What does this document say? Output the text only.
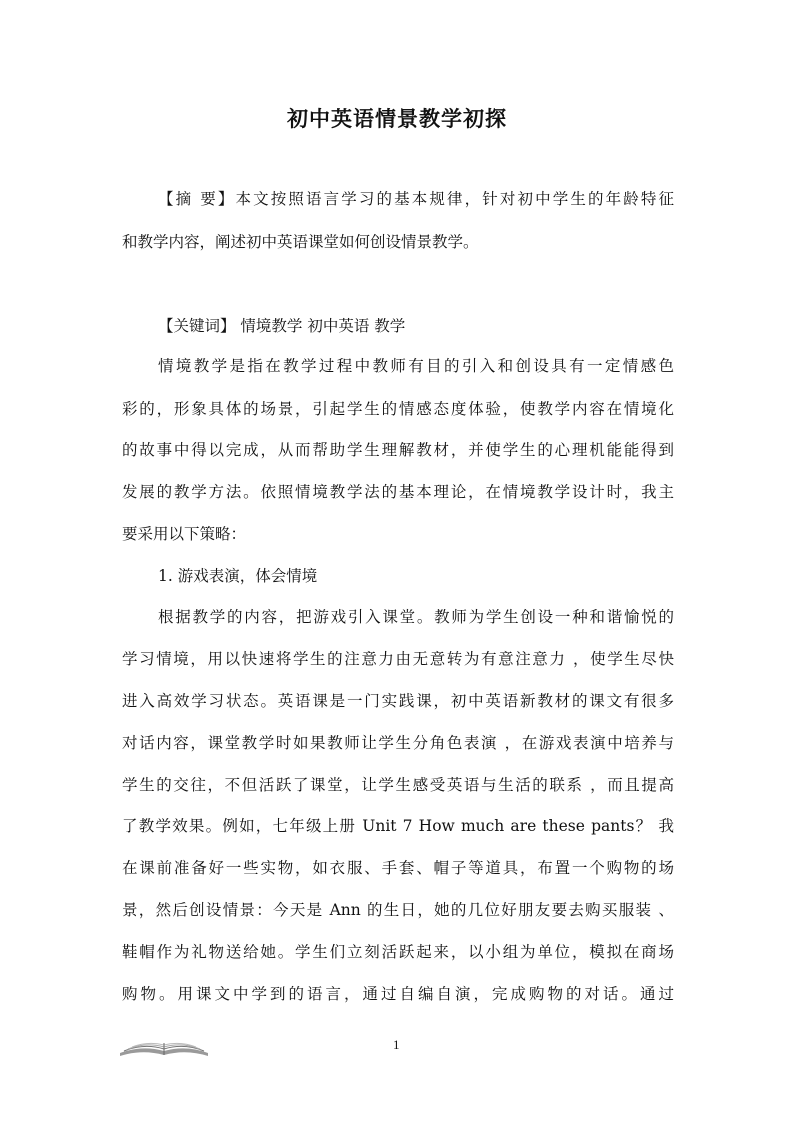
初中英语情景教学初探
【摘 要】本文按照语言学习的基本规律，针对初中学生的年龄特征
和教学内容，阐述初中英语课堂如何创设情景教学。
【关键词】 情境教学 初中英语 教学
情境教学是指在教学过程中教师有目的引入和创设具有一定情感色
彩的，形象具体的场景，引起学生的情感态度体验，使教学内容在情境化
的故事中得以完成，从而帮助学生理解教材，并使学生的心理机能能得到
发展的教学方法。依照情境教学法的基本理论，在情境教学设计时，我主
要采用以下策略：
1. 游戏表演，体会情境
根据教学的内容，把游戏引入课堂。教师为学生创设一种和谐愉悦的
学习情境，用以快速将学生的注意力由无意转为有意注意力 ，使学生尽快
进入高效学习状态。英语课是一门实践课，初中英语新教材的课文有很多
对话内容，课堂教学时如果教师让学生分角色表演 ，在游戏表演中培养与
学生的交往，不但活跃了课堂，让学生感受英语与生活的联系 ，而且提高
了教学效果。例如，七年级上册 Unit 7 How much are these pants？ 我
在课前准备好一些实物，如衣服、手套、帽子等道具，布置一个购物的场
景，然后创设情景：今天是 Ann 的生日，她的几位好朋友要去购买服装 、
鞋帽作为礼物送给她。学生们立刻活跃起来，以小组为单位，模拟在商场
购物。用课文中学到的语言，通过自编自演，完成购物的对话。通过
1
